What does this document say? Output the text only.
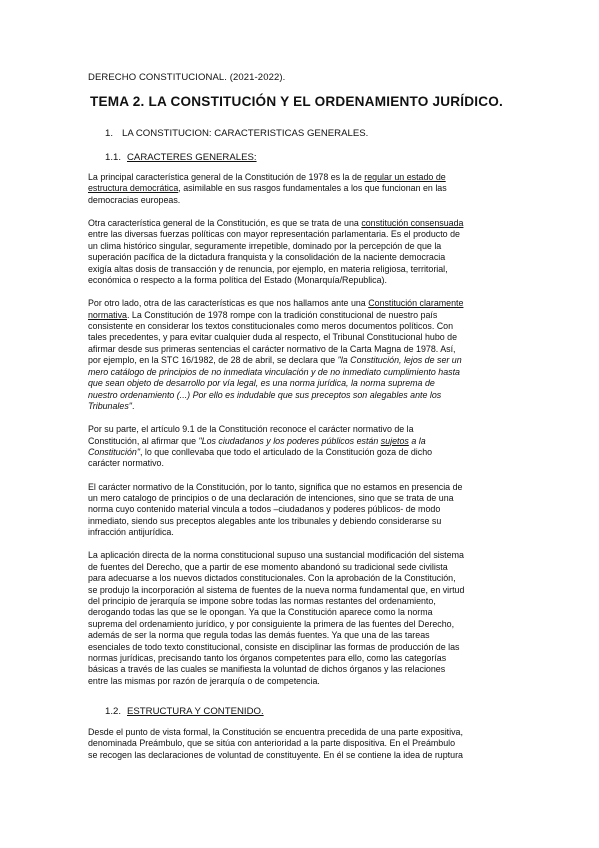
DERECHO CONSTITUCIONAL. (2021-2022).
TEMA 2. LA CONSTITUCIÓN Y EL ORDENAMIENTO JURÍDICO.
1. LA CONSTITUCION: CARACTERISTICAS GENERALES.
1.1. CARACTERES GENERALES:

La principal característica general de la Constitución de 1978 es la de regular un estado de
estructura democrática, asimilable en sus rasgos fundamentales a los que funcionan en las
democracias europeas.

Otra característica general de la Constitución, es que se trata de una constitución consensuada
entre las diversas fuerzas políticas con mayor representación parlamentaria. Es el producto de
un clima histórico singular, seguramente irrepetible, dominado por la percepción de que la
superación pacífica de la dictadura franquista y la consolidación de la naciente democracia
exigía altas dosis de transacción y de renuncia, por ejemplo, en materia religiosa, territorial,
económica o respecto a la forma política del Estado (Monarquía/Republica).

Por otro lado, otra de las características es que nos hallamos ante una Constitución claramente
normativa. La Constitución de 1978 rompe con la tradición constitucional de nuestro país
consistente en considerar los textos constitucionales como meros documentos políticos. Con
tales precedentes, y para evitar cualquier duda al respecto, el Tribunal Constitucional hubo de
afirmar desde sus primeras sentencias el carácter normativo de la Carta Magna de 1978. Así,
por ejemplo, en la STC 16/1982, de 28 de abril, se declara que "la Constitución, lejos de ser un
mero catálogo de principios de no inmediata vinculación y de no inmediato cumplimiento hasta
que sean objeto de desarrollo por vía legal, es una norma jurídica, la norma suprema de
nuestro ordenamiento (...) Por ello es indudable que sus preceptos son alegables ante los
Tribunales".

Por su parte, el artículo 9.1 de la Constitución reconoce el carácter normativo de la
Constitución, al afirmar que "Los ciudadanos y los poderes públicos están sujetos a la
Constitución", lo que conllevaba que todo el articulado de la Constitución goza de dicho
carácter normativo.

El carácter normativo de la Constitución, por lo tanto, significa que no estamos en presencia de
un mero catalogo de principios o de una declaración de intenciones, sino que se trata de una
norma cuyo contenido material vincula a todos –ciudadanos y poderes públicos- de modo
inmediato, siendo sus preceptos alegables ante los tribunales y debiendo considerarse su
infracción antijurídica.

La aplicación directa de la norma constitucional supuso una sustancial modificación del sistema
de fuentes del Derecho, que a partir de ese momento abandonó su tradicional sede civilista
para adecuarse a los nuevos dictados constitucionales. Con la aprobación de la Constitución,
se produjo la incorporación al sistema de fuentes de la nueva norma fundamental que, en virtud
del principio de jerarquía se impone sobre todas las normas restantes del ordenamiento,
derogando todas las que se le opongan. Ya que la Constitución aparece como la norma
suprema del ordenamiento jurídico, y por consiguiente la primera de las fuentes del Derecho,
además de ser la norma que regula todas las demás fuentes. Ya que una de las tareas
esenciales de todo texto constitucional, consiste en disciplinar las formas de producción de las
normas jurídicas, precisando tanto los órganos competentes para ello, como las categorías
básicas a través de las cuales se manifiesta la voluntad de dichos órganos y las relaciones
entre las mismas por razón de jerarquía o de competencia.

1.2. ESTRUCTURA Y CONTENIDO.

Desde el punto de vista formal, la Constitución se encuentra precedida de una parte expositiva,
denominada Preámbulo, que se sitúa con anterioridad a la parte dispositiva. En el Preámbulo
se recogen las declaraciones de voluntad de constituyente. En él se contiene la idea de ruptura
